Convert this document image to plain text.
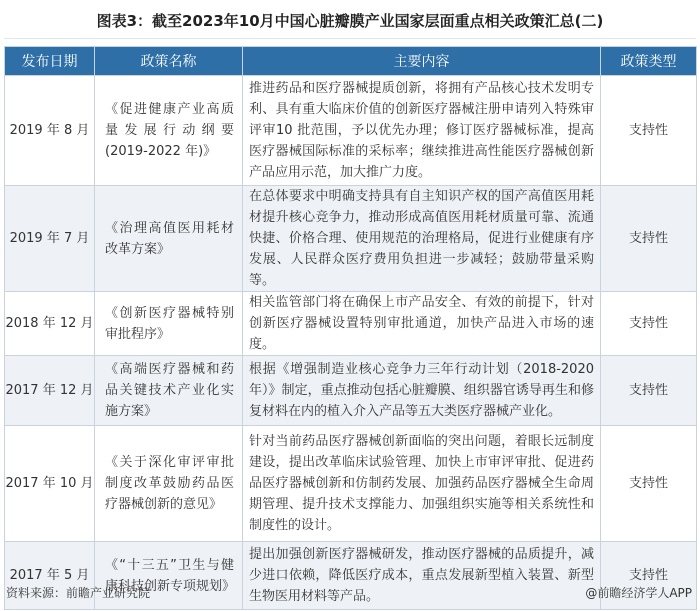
图表3：截至2023年10月中国心脏瓣膜产业国家层面重点相关政策汇总(二)
发布日期	政策名称	主要内容	政策类型
2019 年 8 月	《促进健康产业高质量发展行动纲要(2019-2022 年)》	推进药品和医疗器械提质创新，将拥有产品核心技术发明专利、具有重大临床价值的创新医疗器械注册申请列入特殊审评审10 批范围，予以优先办理；修订医疗器械标准，提高医疗器械国际标准的采标率；继续推进高性能医疗器械创新产品应用示范，加大推广力度。	支持性
2019 年 7 月	《治理高值医用耗材改革方案》	在总体要求中明确支持具有自主知识产权的国产高值医用耗材提升核心竞争力，推动形成高值医用耗材质量可靠、流通快捷、价格合理、使用规范的治理格局，促进行业健康有序发展、人民群众医疗费用负担进一步减轻；鼓励带量采购等。	支持性
2018 年 12 月	《创新医疗器械特别审批程序》	相关监管部门将在确保上市产品安全、有效的前提下，针对创新医疗器械设置特别审批通道，加快产品进入市场的速度。	支持性
2017 年 12 月	《高端医疗器械和药品关键技术产业化实施方案》	根据《增强制造业核心竞争力三年行动计划（2018-2020 年）》制定，重点推动包括心脏瓣膜、组织器官诱导再生和修复材料在内的植入介入产品等五大类医疗器械产业化。	支持性
2017 年 10 月	《关于深化审评审批制度改革鼓励药品医疗器械创新的意见》	针对当前药品医疗器械创新面临的突出问题，着眼长远制度建设，提出改革临床试验管理、加快上市审评审批、促进药品医疗器械创新和仿制药发展、加强药品医疗器械全生命周期管理、提升技术支撑能力、加强组织实施等相关系统性和制度性的设计。	支持性
2017 年 5 月	《“十三五”卫生与健康科技创新专项规划》	提出加强创新医疗器械研发，推动医疗器械的品质提升，减少进口依赖，降低医疗成本，重点发展新型植入装置、新型生物医用材料等产品。	支持性
资料来源：前瞻产业研究院	@前瞻经济学人APP
